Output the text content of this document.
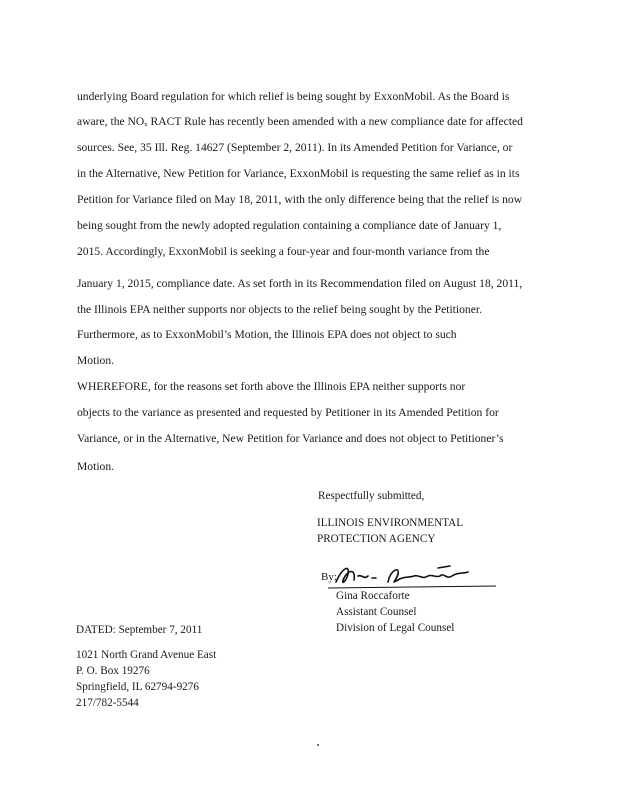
underlying Board regulation for which relief is being sought by ExxonMobil. As the Board is
aware, the NOₓ RACT Rule has recently been amended with a new compliance date for affected
sources. See, 35 Ill. Reg. 14627 (September 2, 2011). In its Amended Petition for Variance, or
in the Alternative, New Petition for Variance, ExxonMobil is requesting the same relief as in its
Petition for Variance filed on May 18, 2011, with the only difference being that the relief is now
being sought from the newly adopted regulation containing a compliance date of January 1,
2015. Accordingly, ExxonMobil is seeking a four-year and four-month variance from the
January 1, 2015, compliance date. As set forth in its Recommendation filed on August 18, 2011,
the Illinois EPA neither supports nor objects to the relief being sought by the Petitioner.
Furthermore, as to ExxonMobil’s Motion, the Illinois EPA does not object to such
Motion.
WHEREFORE, for the reasons set forth above the Illinois EPA neither supports nor
objects to the variance as presented and requested by Petitioner in its Amended Petition for
Variance, or in the Alternative, New Petition for Variance and does not object to Petitioner’s
Motion.
Respectfully submitted,
ILLINOIS ENVIRONMENTAL
PROTECTION AGENCY
By:
Gina Roccaforte
Assistant Counsel
Division of Legal Counsel
DATED: September 7, 2011
1021 North Grand Avenue East
P. O. Box 19276
Springfield, IL 62794-9276
217/782-5544
